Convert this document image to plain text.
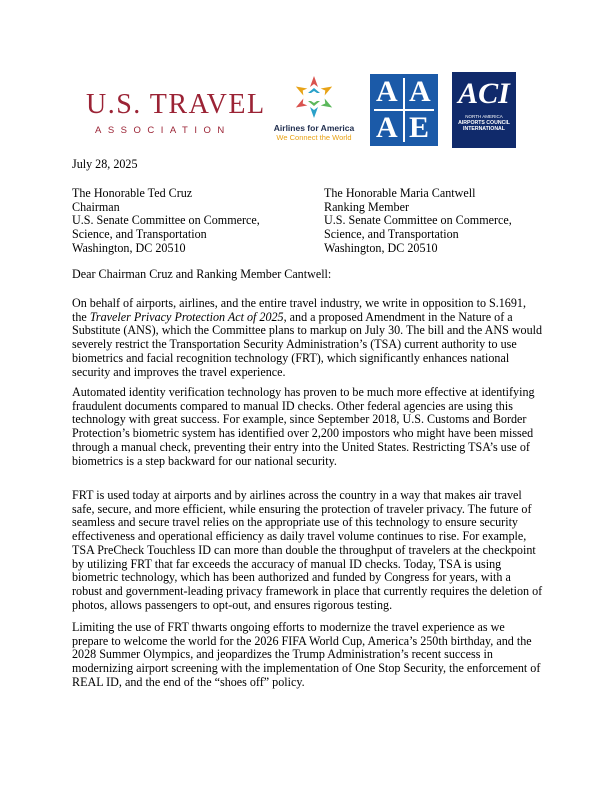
U.S. TRAVEL
ASSOCIATION	Airlines for America
We Connect the World
A A
A E
ACI
NORTH AMERICA
AIRPORTS COUNCIL
INTERNATIONAL
July 28, 2025
The Honorable Ted Cruz
Chairman
U.S. Senate Committee on Commerce,
Science, and Transportation
Washington, DC 20510
The Honorable Maria Cantwell
Ranking Member
U.S. Senate Committee on Commerce,
Science, and Transportation
Washington, DC 20510
Dear Chairman Cruz and Ranking Member Cantwell:
On behalf of airports, airlines, and the entire travel industry, we write in opposition to S.1691,
the Traveler Privacy Protection Act of 2025, and a proposed Amendment in the Nature of a
Substitute (ANS), which the Committee plans to markup on July 30. The bill and the ANS would
severely restrict the Transportation Security Administration’s (TSA) current authority to use
biometrics and facial recognition technology (FRT), which significantly enhances national
security and improves the travel experience.
Automated identity verification technology has proven to be much more effective at identifying
fraudulent documents compared to manual ID checks. Other federal agencies are using this
technology with great success. For example, since September 2018, U.S. Customs and Border
Protection’s biometric system has identified over 2,200 impostors who might have been missed
through a manual check, preventing their entry into the United States. Restricting TSA’s use of
biometrics is a step backward for our national security.
FRT is used today at airports and by airlines across the country in a way that makes air travel
safe, secure, and more efficient, while ensuring the protection of traveler privacy. The future of
seamless and secure travel relies on the appropriate use of this technology to ensure security
effectiveness and operational efficiency as daily travel volume continues to rise. For example,
TSA PreCheck Touchless ID can more than double the throughput of travelers at the checkpoint
by utilizing FRT that far exceeds the accuracy of manual ID checks. Today, TSA is using
biometric technology, which has been authorized and funded by Congress for years, with a
robust and government-leading privacy framework in place that currently requires the deletion of
photos, allows passengers to opt-out, and ensures rigorous testing.
Limiting the use of FRT thwarts ongoing efforts to modernize the travel experience as we
prepare to welcome the world for the 2026 FIFA World Cup, America’s 250th birthday, and the
2028 Summer Olympics, and jeopardizes the Trump Administration’s recent success in
modernizing airport screening with the implementation of One Stop Security, the enforcement of
REAL ID, and the end of the “shoes off” policy.
